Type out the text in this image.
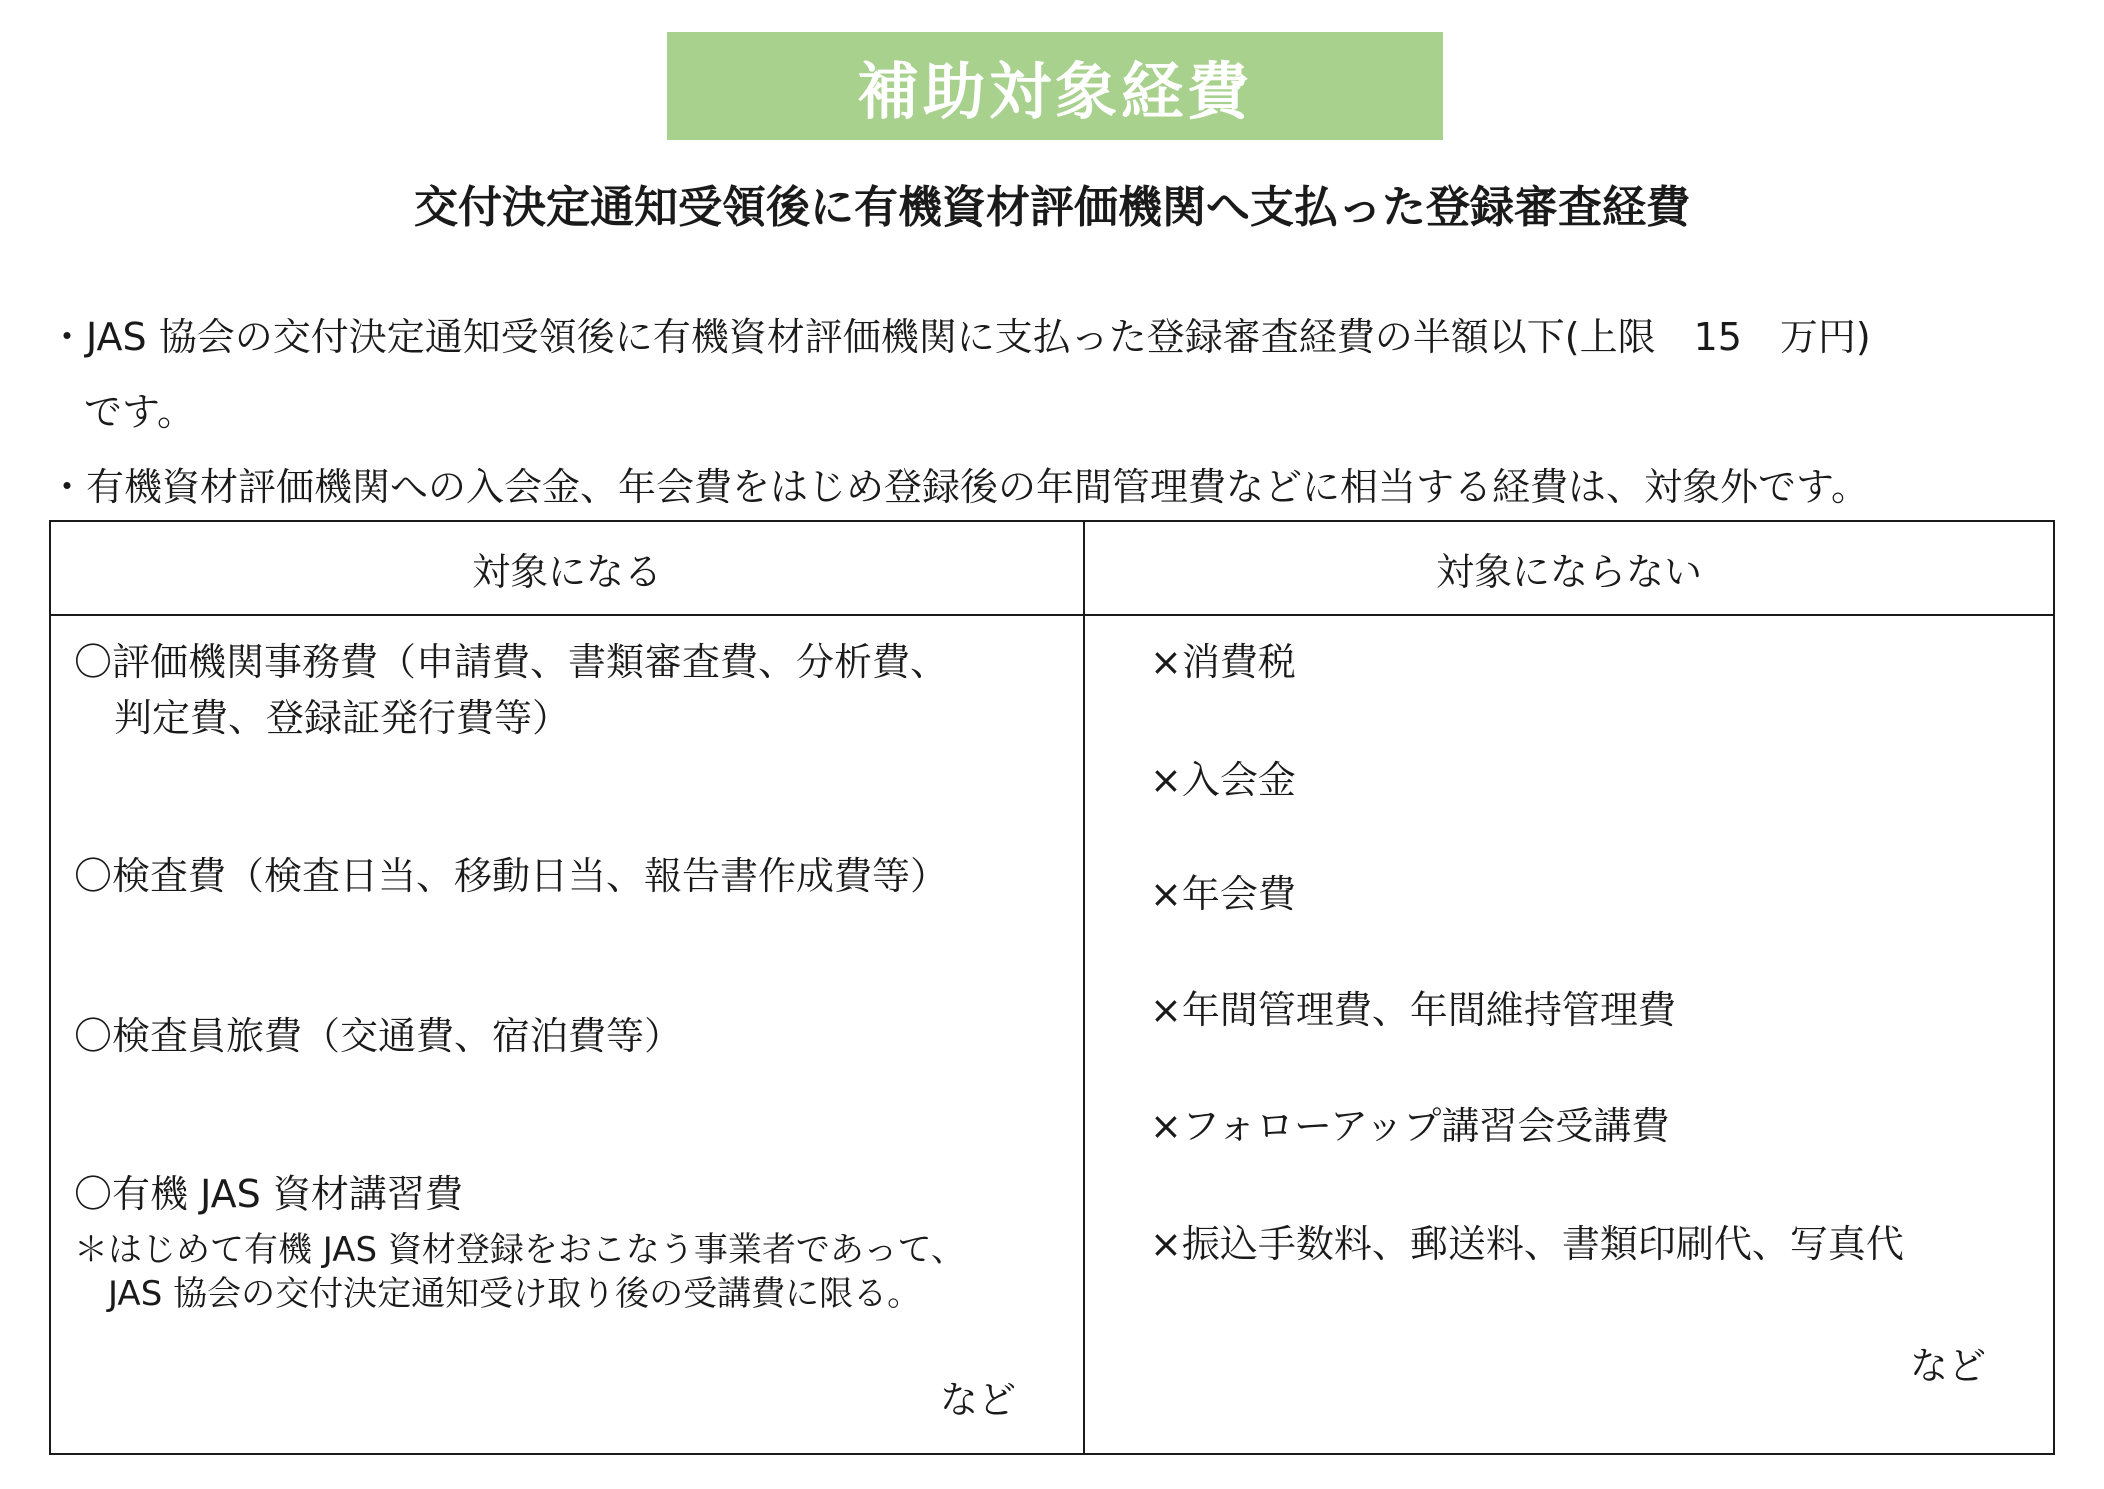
補助対象経費
交付決定通知受領後に有機資材評価機関へ支払った登録審査経費
・JAS 協会の交付決定通知受領後に有機資材評価機関に支払った登録審査経費の半額以下(上限　15　万円)
です。
・有機資材評価機関への入会金、年会費をはじめ登録後の年間管理費などに相当する経費は、対象外です。
対象になる	対象にならない
〇評価機関事務費（申請費、書類審査費、分析費、
判定費、登録証発行費等）
〇検査費（検査日当、移動日当、報告書作成費等）
〇検査員旅費（交通費、宿泊費等）
〇有機 JAS 資材講習費
＊はじめて有機 JAS 資材登録をおこなう事業者であって、
JAS 協会の交付決定通知受け取り後の受講費に限る。
など
×消費税
×入会金
×年会費
×年間管理費、年間維持管理費
×フォローアップ講習会受講費
×振込手数料、郵送料、書類印刷代、写真代
など
